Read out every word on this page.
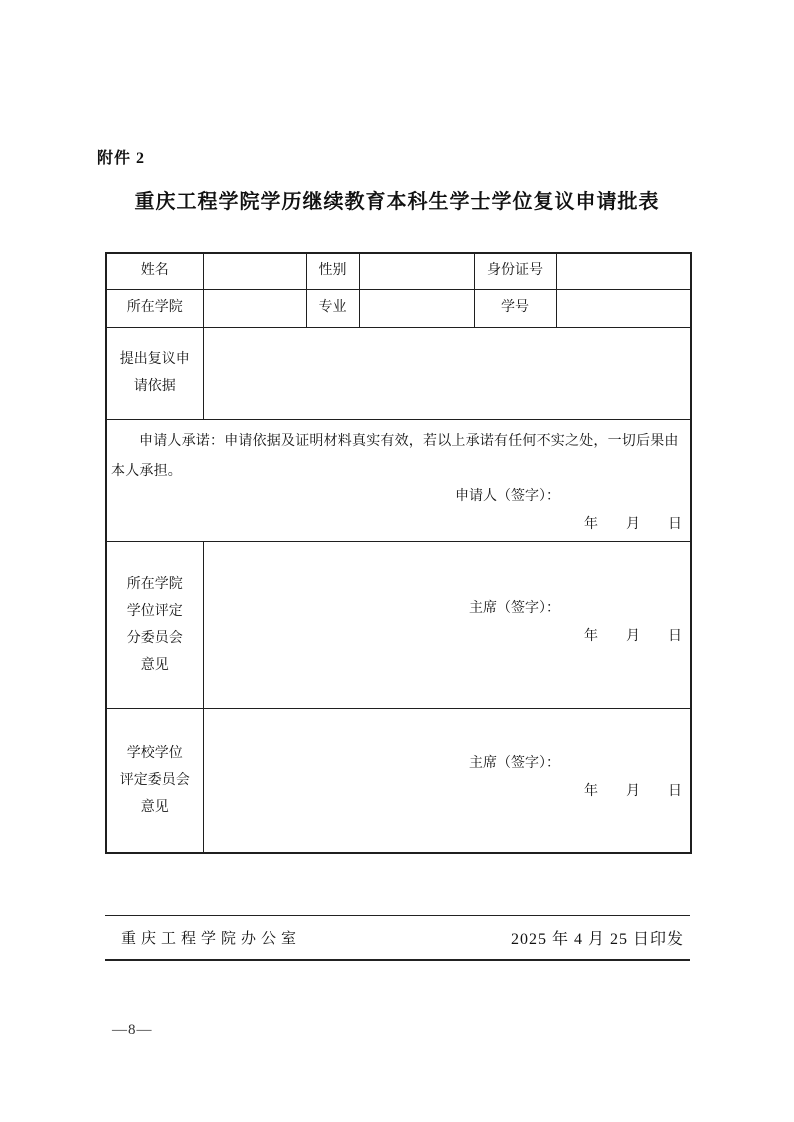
附件 2
重庆工程学院学历继续教育本科生学士学位复议申请批表
姓名		性别		身份证号	
所在学院		专业		学号	

提出复议申
请依据					

申请人承诺：申请依据及证明材料真实有效，若以上承诺有任何不实之处，一切后果由本人承担。

申请人（签字）：
年 月 日					

所在学院
学位评定
分委员会
意见

主席（签字）：
年 月 日

学校学位
评定委员会
意见

主席（签字）：
年 月 日
重庆工程学院办公室	2025 年 4 月 25 日印发
—8—
